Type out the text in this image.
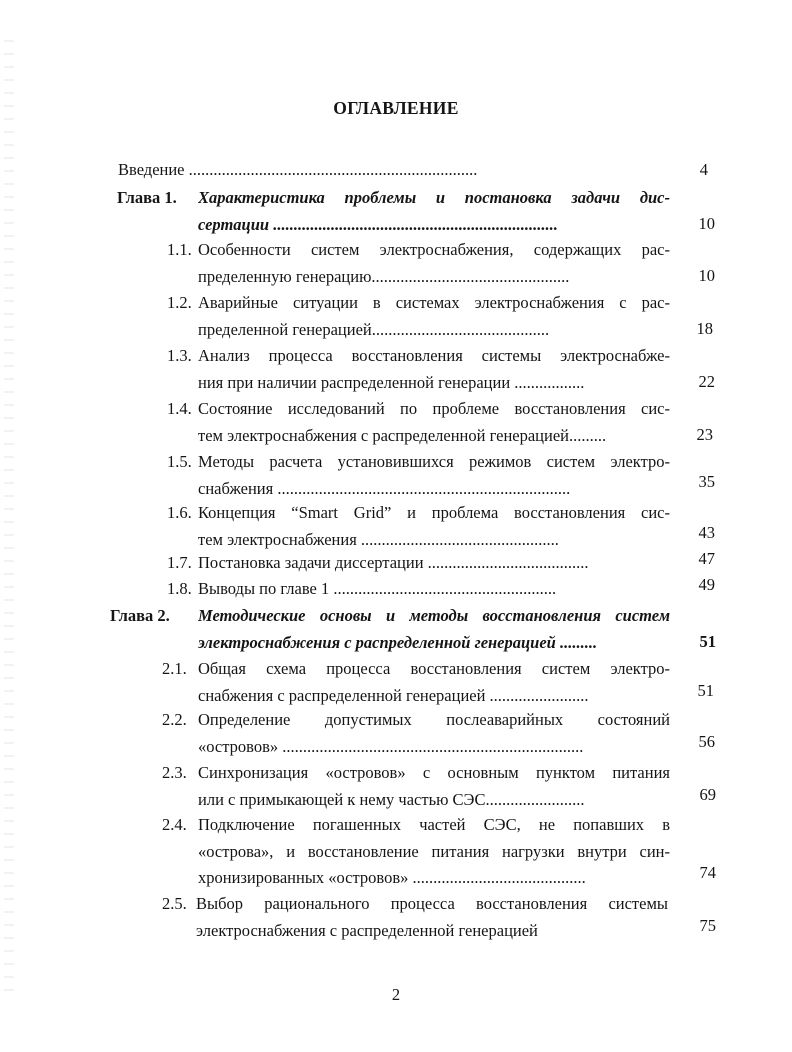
ОГЛАВЛЕНИЕ
Введение ......................................................................	4
Глава 1. Характеристика проблемы и постановка задачи дис-
сертации .....................................................................	10
1.1. Особенности систем электроснабжения, содержащих рас-
пределенную генерацию................................................	10
1.2. Аварийные ситуации в системах электроснабжения с рас-
пределенной генерацией...........................................	18
1.3. Анализ процесса восстановления системы электроснабже-
ния при наличии распределенной генерации .................	22
1.4. Состояние исследований по проблеме восстановления сис-
тем электроснабжения с распределенной генерацией.........	23
1.5. Методы расчета установившихся режимов систем электро-
снабжения .......................................................................	35
1.6. Концепция “Smart Grid” и проблема восстановления сис-
тем электроснабжения ................................................	43
1.7. Постановка задачи диссертации .......................................	47
1.8. Выводы по главе 1 ......................................................	49
Глава 2. Методические основы и методы восстановления систем
электроснабжения с распределенной генерацией .........	51
2.1. Общая схема процесса восстановления систем электро-
снабжения с распределенной генерацией ........................	51
2.2. Определение допустимых послеаварийных состояний
«островов» .........................................................................	56
2.3. Синхронизация «островов» с основным пунктом питания
или с примыкающей к нему частью СЭС........................	69
2.4. Подключение погашенных частей СЭС, не попавших в
«острова», и восстановление питания нагрузки внутри син-
хронизированных «островов» ..........................................	74
2.5. Выбор рационального процесса восстановления системы
электроснабжения с распределенной генерацией	75
2
